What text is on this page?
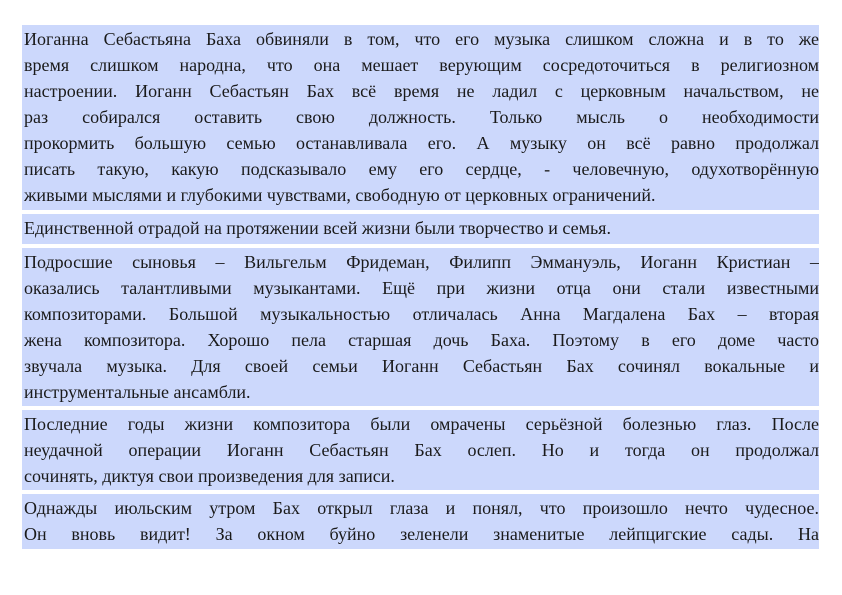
Иоганна Себастьяна Баха обвиняли в том, что его музыка слишком сложна и в то же
время слишком народна, что она мешает верующим сосредоточиться в религиозном
настроении. Иоганн Себастьян Бах всё время не ладил с церковным начальством, не
раз собирался оставить свою должность. Только мысль о необходимости
прокормить большую семью останавливала его. А музыку он всё равно продолжал
писать такую, какую подсказывало ему его сердце, - человечную, одухотворённую
живыми мыслями и глубокими чувствами, свободную от церковных ограничений.
Единственной отрадой на протяжении всей жизни были творчество и семья.
Подросшие сыновья – Вильгельм Фридеман, Филипп Эммануэль, Иоганн Кристиан –
оказались талантливыми музыкантами. Ещё при жизни отца они стали известными
композиторами. Большой музыкальностью отличалась Анна Магдалена Бах – вторая
жена композитора. Хорошо пела старшая дочь Баха. Поэтому в его доме часто
звучала музыка. Для своей семьи Иоганн Себастьян Бах сочинял вокальные и
инструментальные ансамбли.
Последние годы жизни композитора были омрачены серьёзной болезнью глаз. После
неудачной операции Иоганн Себастьян Бах ослеп. Но и тогда он продолжал
сочинять, диктуя свои произведения для записи.
Однажды июльским утром Бах открыл глаза и понял, что произошло нечто чудесное.
Он вновь видит! За окном буйно зеленели знаменитые лейпцигские сады. На
